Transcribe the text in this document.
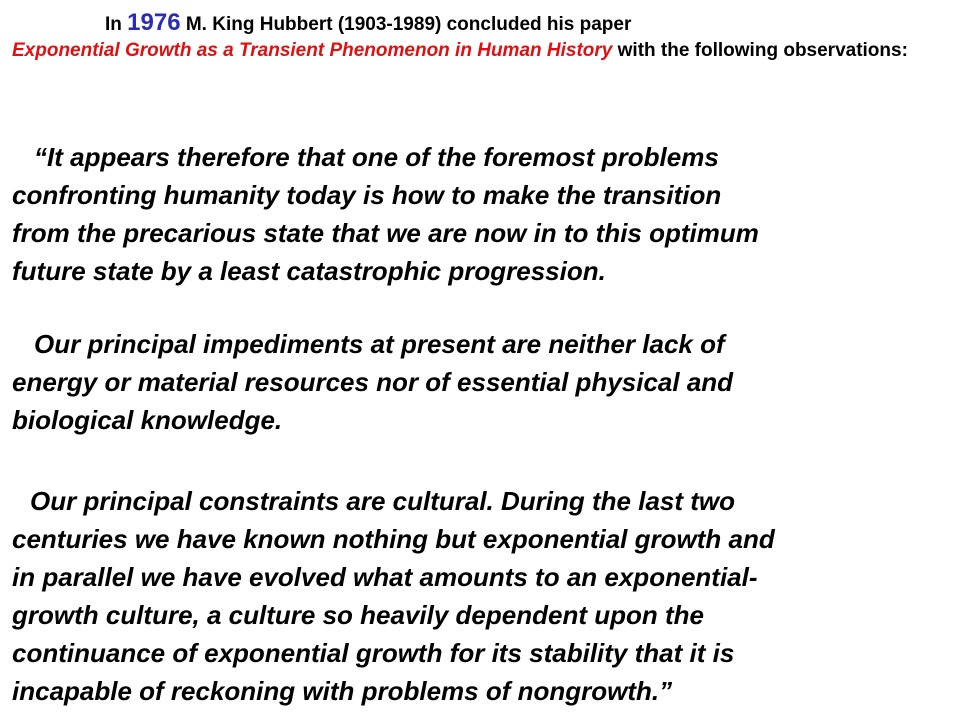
In 1976 M. King Hubbert (1903-1989) concluded his paper
Exponential Growth as a Transient Phenomenon in Human History with the following observations:
“It appears therefore that one of the foremost problems
confronting humanity today is how to make the transition
from the precarious state that we are now in to this optimum
future state by a least catastrophic progression.
Our principal impediments at present are neither lack of
energy or material resources nor of essential physical and
biological knowledge.
Our principal constraints are cultural. During the last two
centuries we have known nothing but exponential growth and
in parallel we have evolved what amounts to an exponential-
growth culture, a culture so heavily dependent upon the
continuance of exponential growth for its stability that it is
incapable of reckoning with problems of nongrowth.”
